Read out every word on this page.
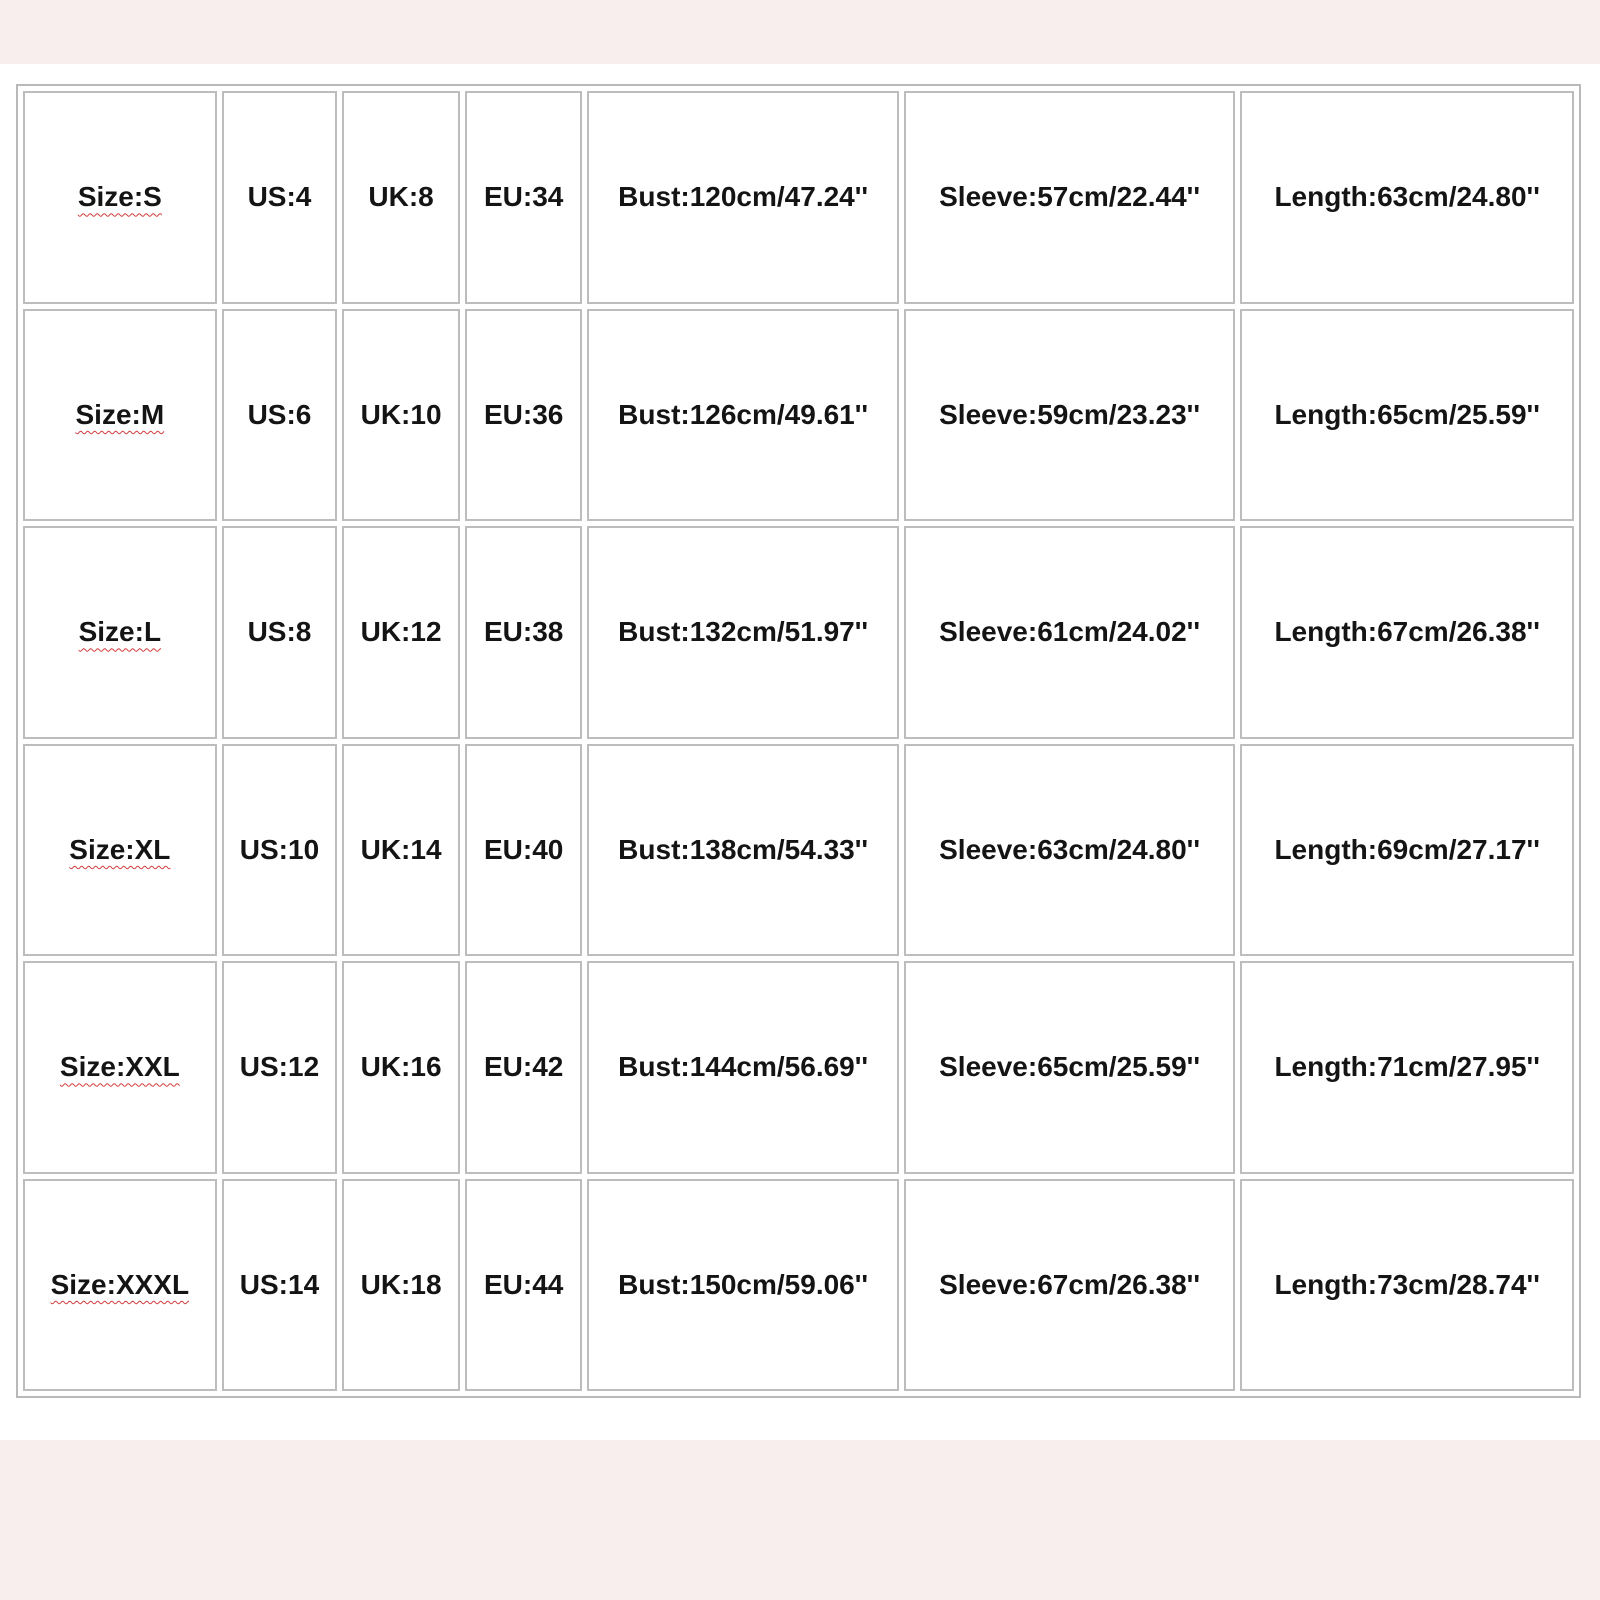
Size:S	US:4	UK:8	EU:34	Bust:120cm/47.24''	Sleeve:57cm/22.44''	Length:63cm/24.80''
Size:M	US:6	UK:10	EU:36	Bust:126cm/49.61''	Sleeve:59cm/23.23''	Length:65cm/25.59''
Size:L	US:8	UK:12	EU:38	Bust:132cm/51.97''	Sleeve:61cm/24.02''	Length:67cm/26.38''
Size:XL	US:10	UK:14	EU:40	Bust:138cm/54.33''	Sleeve:63cm/24.80''	Length:69cm/27.17''
Size:XXL	US:12	UK:16	EU:42	Bust:144cm/56.69''	Sleeve:65cm/25.59''	Length:71cm/27.95''
Size:XXXL	US:14	UK:18	EU:44	Bust:150cm/59.06''	Sleeve:67cm/26.38''	Length:73cm/28.74''
